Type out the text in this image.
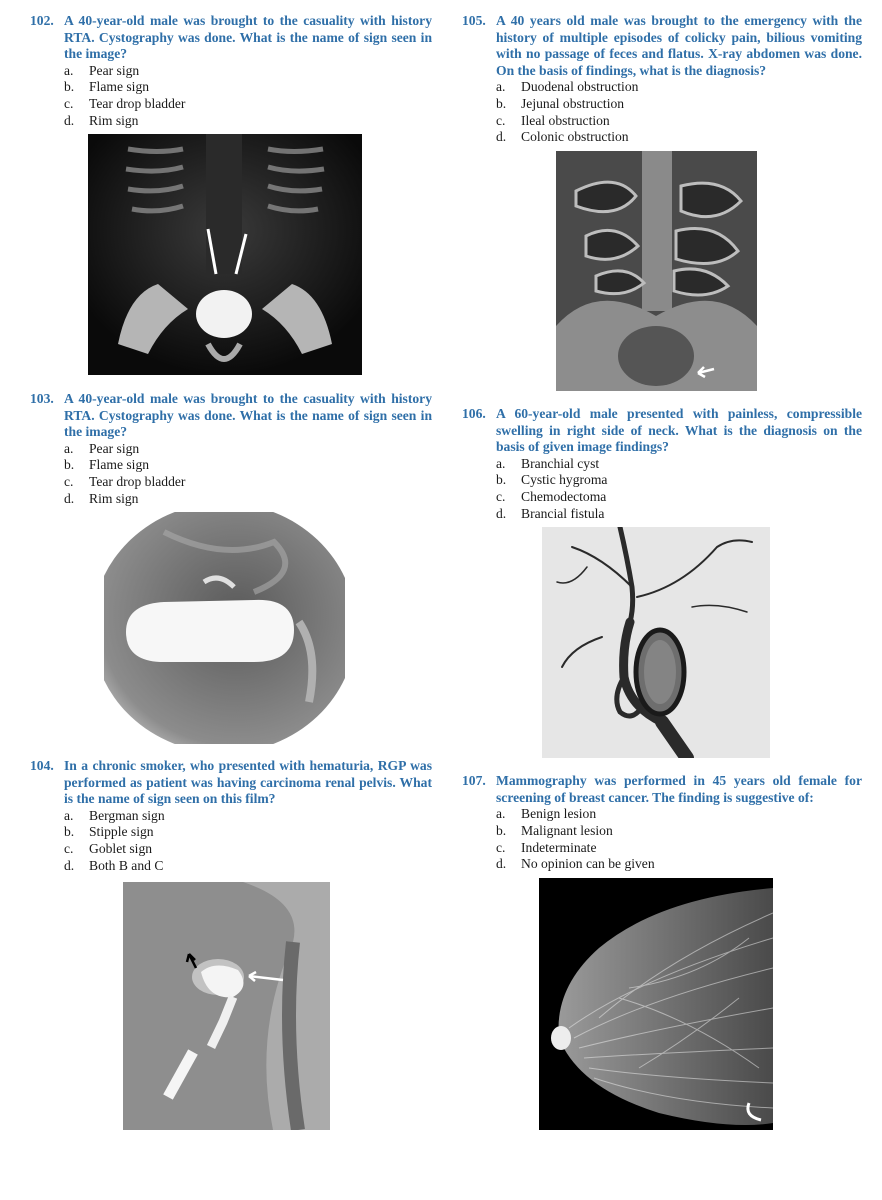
102. A 40-year-old male was brought to the casuality with history RTA. Cystography was done. What is the name of sign seen in the image?
a.	Pear sign
b.	Flame sign
c.	Tear drop bladder
d.	Rim sign
103. A 40-year-old male was brought to the casuality with history RTA. Cystography was done. What is the name of sign seen in the image?
a.	Pear sign
b.	Flame sign
c.	Tear drop bladder
d.	Rim sign
104. In a chronic smoker, who presented with hematuria, RGP was performed as patient was having carcinoma renal pelvis. What is the name of sign seen on this film?
a.	Bergman sign
b.	Stipple sign
c.	Goblet sign
d.	Both B and C
105. A 40 years old male was brought to the emergency with the history of multiple episodes of colicky pain, bilious vomiting with no passage of feces and flatus. X-ray abdomen was done. On the basis of findings, what is the diagnosis?
a.	Duodenal obstruction
b.	Jejunal obstruction
c.	Ileal obstruction
d.	Colonic obstruction
106. A 60-year-old male presented with painless, compressible swelling in right side of neck. What is the diagnosis on the basis of given image findings?
a.	Branchial cyst
b.	Cystic hygroma
c.	Chemodectoma
d.	Brancial fistula
107. Mammography was performed in 45 years old female for screening of breast cancer. The finding is suggestive of:
a.	Benign lesion
b.	Malignant lesion
c.	Indeterminate
d.	No opinion can be given
